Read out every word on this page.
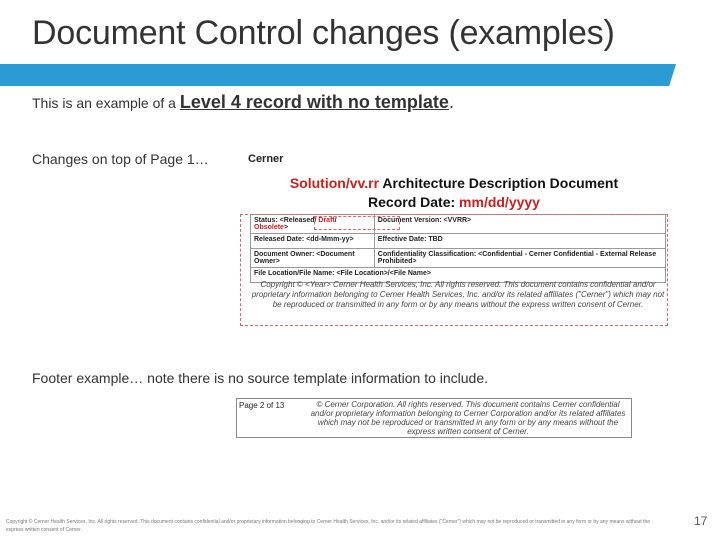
Document Control changes (examples)
This is an example of a Level 4 record with no template.
Changes on top of Page 1…	Cerner
Solution/vv.rr Architecture Description Document
Record Date: mm/dd/yyyy
Status: <Released/ Draft/ Obsolete>	Document Version: <VVRR>
Released Date: <dd-Mmm-yy>	Effective Date: TBD
Document Owner: <Document Owner>	Confidentiality Classification: <Confidential - Cerner Confidential - External Release Prohibited>
File Location/File Name: <File Location>/<File Name>	
Copyright © <Year> Cerner Health Services, Inc. All rights reserved. This document contains confidential and/or proprietary information belonging to Cerner Health Services, Inc. and/or its related affiliates ("Cerner") which may not be reproduced or transmitted in any form or by any means without the express written consent of Cerner.
Footer example… note there is no source template information to include.
Page 2 of 13	© Cerner Corporation. All rights reserved. This document contains Cerner confidential and/or proprietary information belonging to Cerner Corporation and/or its related affiliates which may not be reproduced or transmitted in any form or by any means without the express written consent of Cerner.
Copyright © Cerner Health Services, Inc. All rights reserved. This document contains confidential and/or proprietary information belonging to Cerner Health Services, Inc. and/or its related affiliates ("Cerner") which may not be reproduced or transmitted in any form or by any means without the express written consent of Cerner.
17
